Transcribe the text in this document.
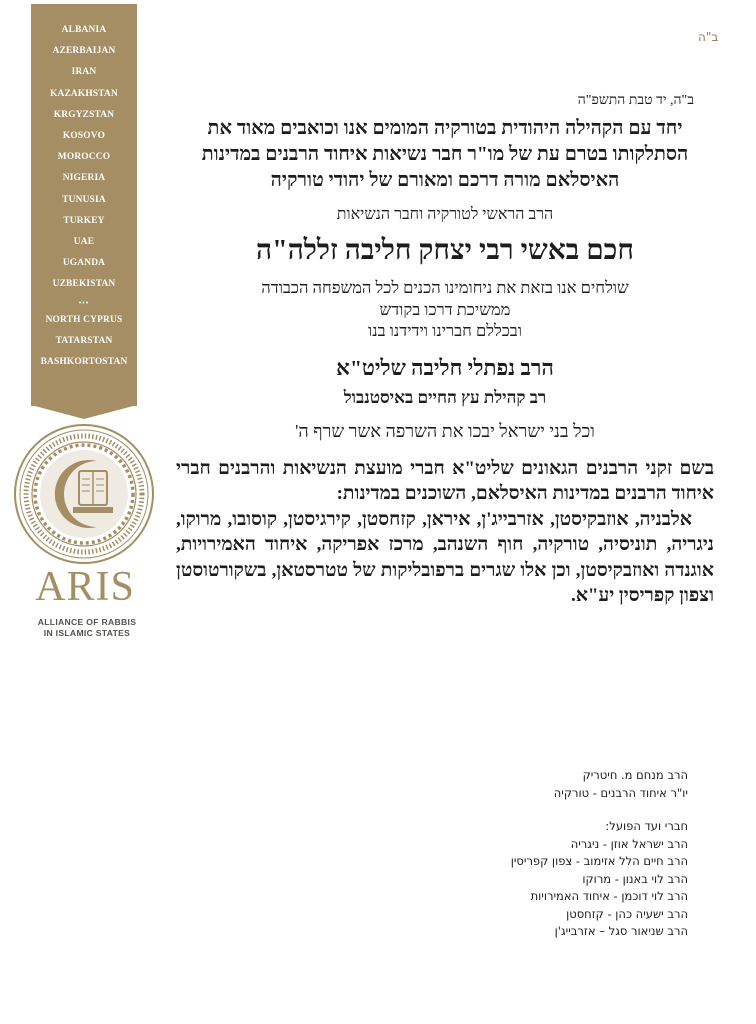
ב"ה
ALBANIA
AZERBAIJAN
IRAN
KAZAKHSTAN
KRGYZSTAN
KOSOVO
MOROCCO
NIGERIA
TUNUSIA
TURKEY
UAE
UGANDA
UZBEKISTAN
•••
NORTH CYPRUS
TATARSTAN
BASHKORTOSTAN
ARIS
ALLIANCE OF RABBIS
IN ISLAMIC STATES

ב"ה, יד טבת התשפ"ה

יחד עם הקהילה היהודית בטורקיה המומים אנו וכואבים מאוד את הסתלקותו בטרם עת של מו"ר חבר נשיאות איחוד הרבנים במדינות האיסלאם מורה דרכם ומאורם של יהודי טורקיה

הרב הראשי לטורקיה וחבר הנשיאות

חכם באשי רבי יצחק חליבה זללה"ה

שולחים אנו בזאת את ניחומינו הכנים לכל המשפחה הכבודה
ממשיכת דרכו בקודש
ובכללם חברינו וידידנו בנו

הרב נפתלי חליבה שליט"א

רב קהילת עץ החיים באיסטנבול

וכל בני ישראל יבכו את השרפה אשר שרף ה'

בשם זקני הרבנים הגאונים שליט"א חברי מועצת הנשיאות והרבנים חברי איחוד הרבנים במדינות האיסלאם, השוכנים במדינות:

אלבניה, אוזבקיסטן, אזרבייג'ן, איראן, קזחסטן, קירגיסטן, קוסובו, מרוקו, ניגריה, תוניסיה, טורקיה, חוף השנהב, מרכז אפריקה, איחוד האמירויות, אוגנדה ואוזבקיסטן, וכן אלו שגרים ברפובליקות של טטרסטאן, בשקורטוסטן וצפון קפריסין יע"א.

הרב מנחם מ. חיטריק

יו"ר איחוד הרבנים - טורקיה

חברי ועד הפועל:

הרב ישראל אוזן - ניגריה

הרב חיים הלל אזימוב - צפון קפריסין

הרב לוי באנון - מרוקו

הרב לוי דוכמן - איחוד האמירויות

הרב ישעיה כהן - קזחסטן

הרב שניאור סגל – אזרבייג'ן
